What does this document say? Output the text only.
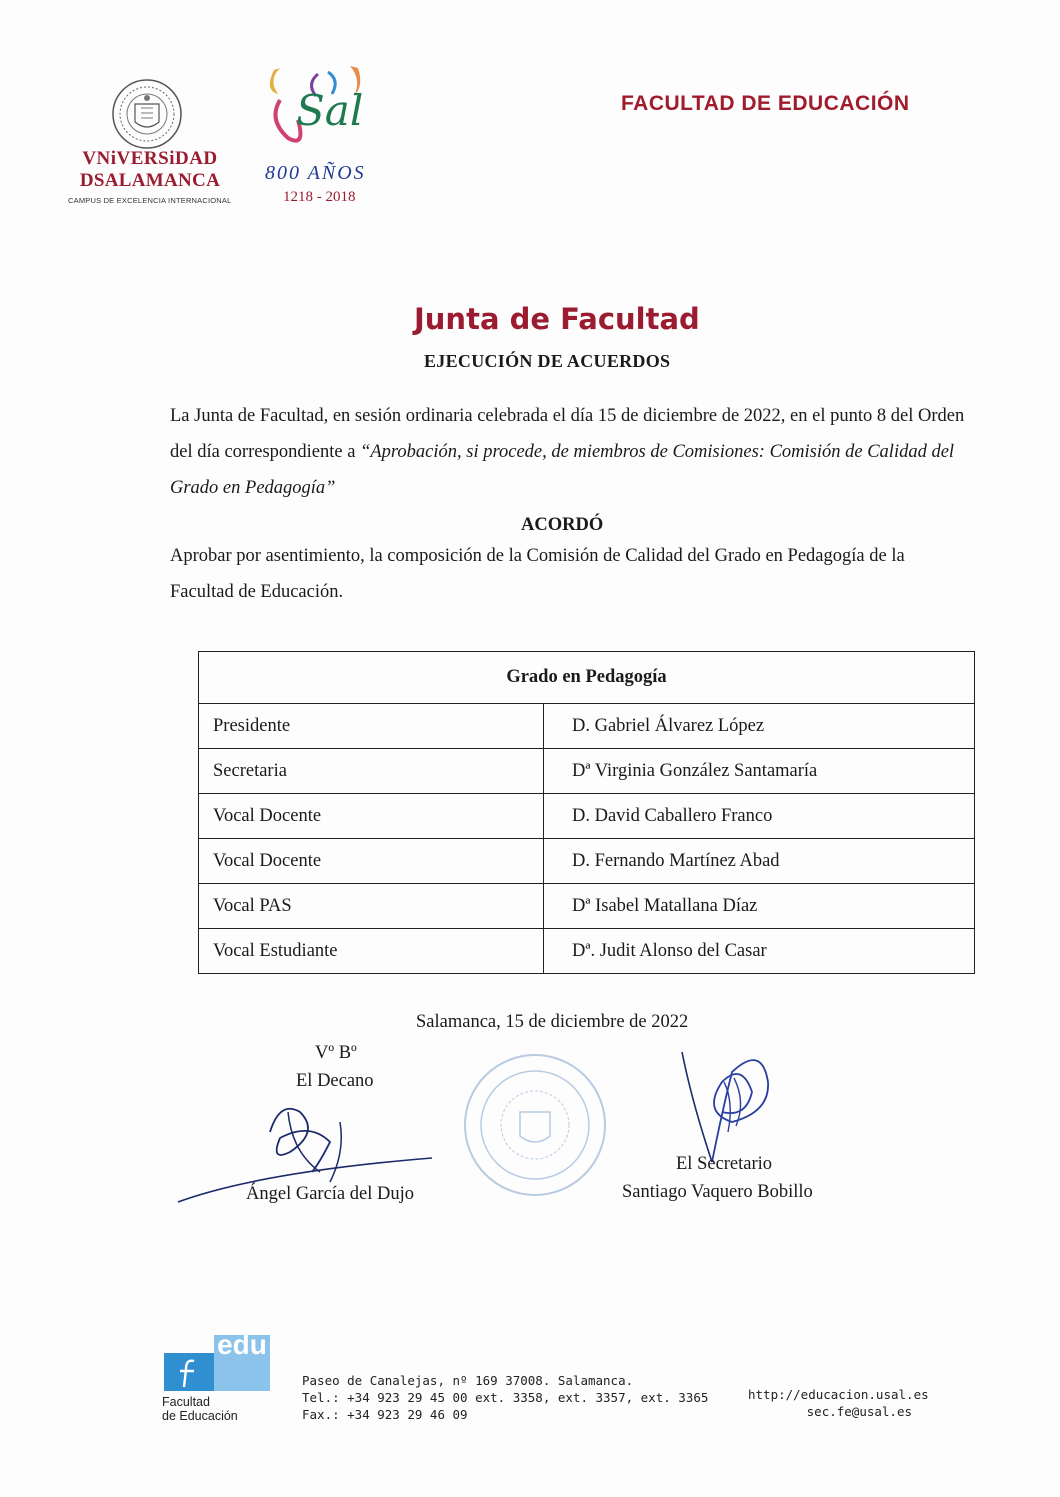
VNiVERSiDAD
DSALAMANCA
CAMPUS DE EXCELENCIA INTERNACIONAL
Sal
800 AÑOS
1218 - 2018
FACULTAD DE EDUCACIÓN
Junta de Facultad
EJECUCIÓN DE ACUERDOS
La Junta de Facultad, en sesión ordinaria celebrada el día 15 de diciembre de 2022, en el punto 8 del Orden del día correspondiente a “Aprobación, si procede, de miembros de Comisiones: Comisión de Calidad del Grado en Pedagogía”
ACORDÓ
Aprobar por asentimiento, la composición de la Comisión de Calidad del Grado en Pedagogía de la Facultad de Educación.
Grado en Pedagogía	
Presidente	D. Gabriel Álvarez López
Secretaria	Dª Virginia González Santamaría
Vocal Docente	D. David Caballero Franco
Vocal Docente	D. Fernando Martínez Abad
Vocal PAS	Dª Isabel Matallana Díaz
Vocal Estudiante	Dª. Judit Alonso del Casar
Salamanca, 15 de diciembre de 2022
Vº Bº
El Decano
Ángel García del Dujo
El Secretario
Santiago Vaquero Bobillo
edu
Facultad
de Educación
Paseo de Canalejas, nº 169 37008. Salamanca.
Tel.: +34 923 29 45 00 ext. 3358, ext. 3357, ext. 3365
Fax.: +34 923 29 46 09
http://educacion.usal.es
sec.fe@usal.es
